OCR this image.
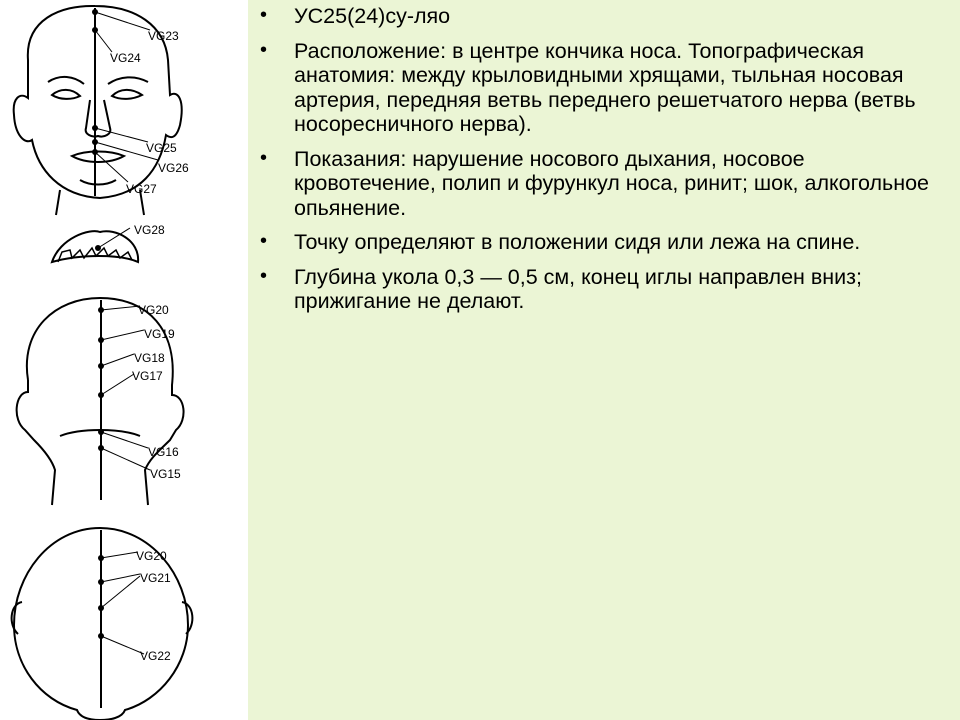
VG23
VG24
VG25
VG26
VG27
VG28
VG20
VG19
VG18
VG17
VG16
VG15
VG20
VG21
VG22
• УС25(24)су-ляо
• Расположение: в центре кончика носа. Топографическая анатомия: между крыловидными хрящами, тыльная носовая артерия, передняя ветвь переднего решетчатого нерва (ветвь носоресничного нерва).
• Показания: нарушение носового дыхания, носовое кровотечение, полип и фурункул носа, ринит; шок, алкогольное опьянение.
• Точку определяют в положении сидя или лежа на спине.
• Глубина укола 0,3 — 0,5 см, конец иглы направлен вниз; прижигание не делают.
